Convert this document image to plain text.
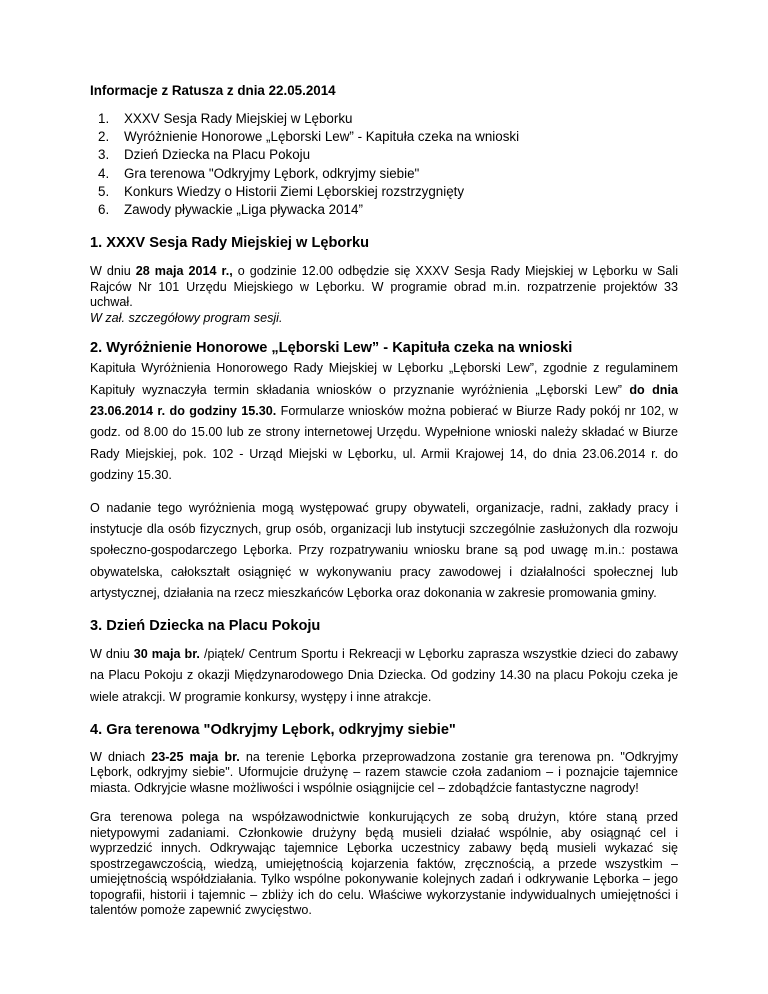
Informacje z Ratusza z dnia 22.05.2014
1.	XXXV Sesja Rady Miejskiej w Lęborku
2.	Wyróżnienie Honorowe „Lęborski Lew” - Kapituła czeka na wnioski
3.	Dzień Dziecka na Placu Pokoju
4.	Gra terenowa "Odkryjmy Lębork, odkryjmy siebie"
5.	Konkurs Wiedzy o Historii Ziemi Lęborskiej rozstrzygnięty
6.	Zawody pływackie „Liga pływacka 2014”
1. XXXV Sesja Rady Miejskiej w Lęborku

W dniu 28 maja 2014 r., o godzinie 12.00 odbędzie się XXXV Sesja Rady Miejskiej w Lęborku w Sali Rajców Nr 101 Urzędu Miejskiego w Lęborku. W programie obrad m.in. rozpatrzenie projektów 33 uchwał.
W zał. szczegółowy program sesji.

2. Wyróżnienie Honorowe „Lęborski Lew” - Kapituła czeka na wnioski

Kapituła Wyróżnienia Honorowego Rady Miejskiej w Lęborku „Lęborski Lew”, zgodnie z regulaminem Kapituły wyznaczyła termin składania wniosków o przyznanie wyróżnienia „Lęborski Lew” do dnia 23.06.2014 r. do godziny 15.30. Formularze wniosków można pobierać w Biurze Rady pokój nr 102, w godz. od 8.00 do 15.00 lub ze strony internetowej Urzędu. Wypełnione wnioski należy składać w Biurze Rady Miejskiej, pok. 102 - Urząd Miejski w Lęborku, ul. Armii Krajowej 14, do dnia 23.06.2014 r. do godziny 15.30.

O nadanie tego wyróżnienia mogą występować grupy obywateli, organizacje, radni, zakłady pracy i instytucje dla osób fizycznych, grup osób, organizacji lub instytucji szczególnie zasłużonych dla rozwoju społeczno-gospodarczego Lęborka. Przy rozpatrywaniu wniosku brane są pod uwagę m.in.: postawa obywatelska, całokształt osiągnięć w wykonywaniu pracy zawodowej i działalności społecznej lub artystycznej, działania na rzecz mieszkańców Lęborka oraz dokonania w zakresie promowania gminy.

3. Dzień Dziecka na Placu Pokoju

W dniu 30 maja br. /piątek/ Centrum Sportu i Rekreacji w Lęborku zaprasza wszystkie dzieci do zabawy na Placu Pokoju z okazji Międzynarodowego Dnia Dziecka. Od godziny 14.30 na placu Pokoju czeka je wiele atrakcji. W programie konkursy, występy i inne atrakcje.

4. Gra terenowa "Odkryjmy Lębork, odkryjmy siebie"

W dniach 23-25 maja br. na terenie Lęborka przeprowadzona zostanie gra terenowa pn. "Odkryjmy Lębork, odkryjmy siebie". Uformujcie drużynę – razem stawcie czoła zadaniom – i poznajcie tajemnice miasta. Odkryjcie własne możliwości i wspólnie osiągnijcie cel – zdobądźcie fantastyczne nagrody!

Gra terenowa polega na współzawodnictwie konkurujących ze sobą drużyn, które staną przed nietypowymi zadaniami. Członkowie drużyny będą musieli działać wspólnie, aby osiągnąć cel i wyprzedzić innych. Odkrywając tajemnice Lęborka uczestnicy zabawy będą musieli wykazać się spostrzegawczością, wiedzą, umiejętnością kojarzenia faktów, zręcznością, a przede wszystkim – umiejętnością współdziałania. Tylko wspólne pokonywanie kolejnych zadań i odkrywanie Lęborka – jego topografii, historii i tajemnic – zbliży ich do celu. Właściwe wykorzystanie indywidualnych umiejętności i talentów pomoże zapewnić zwycięstwo.
